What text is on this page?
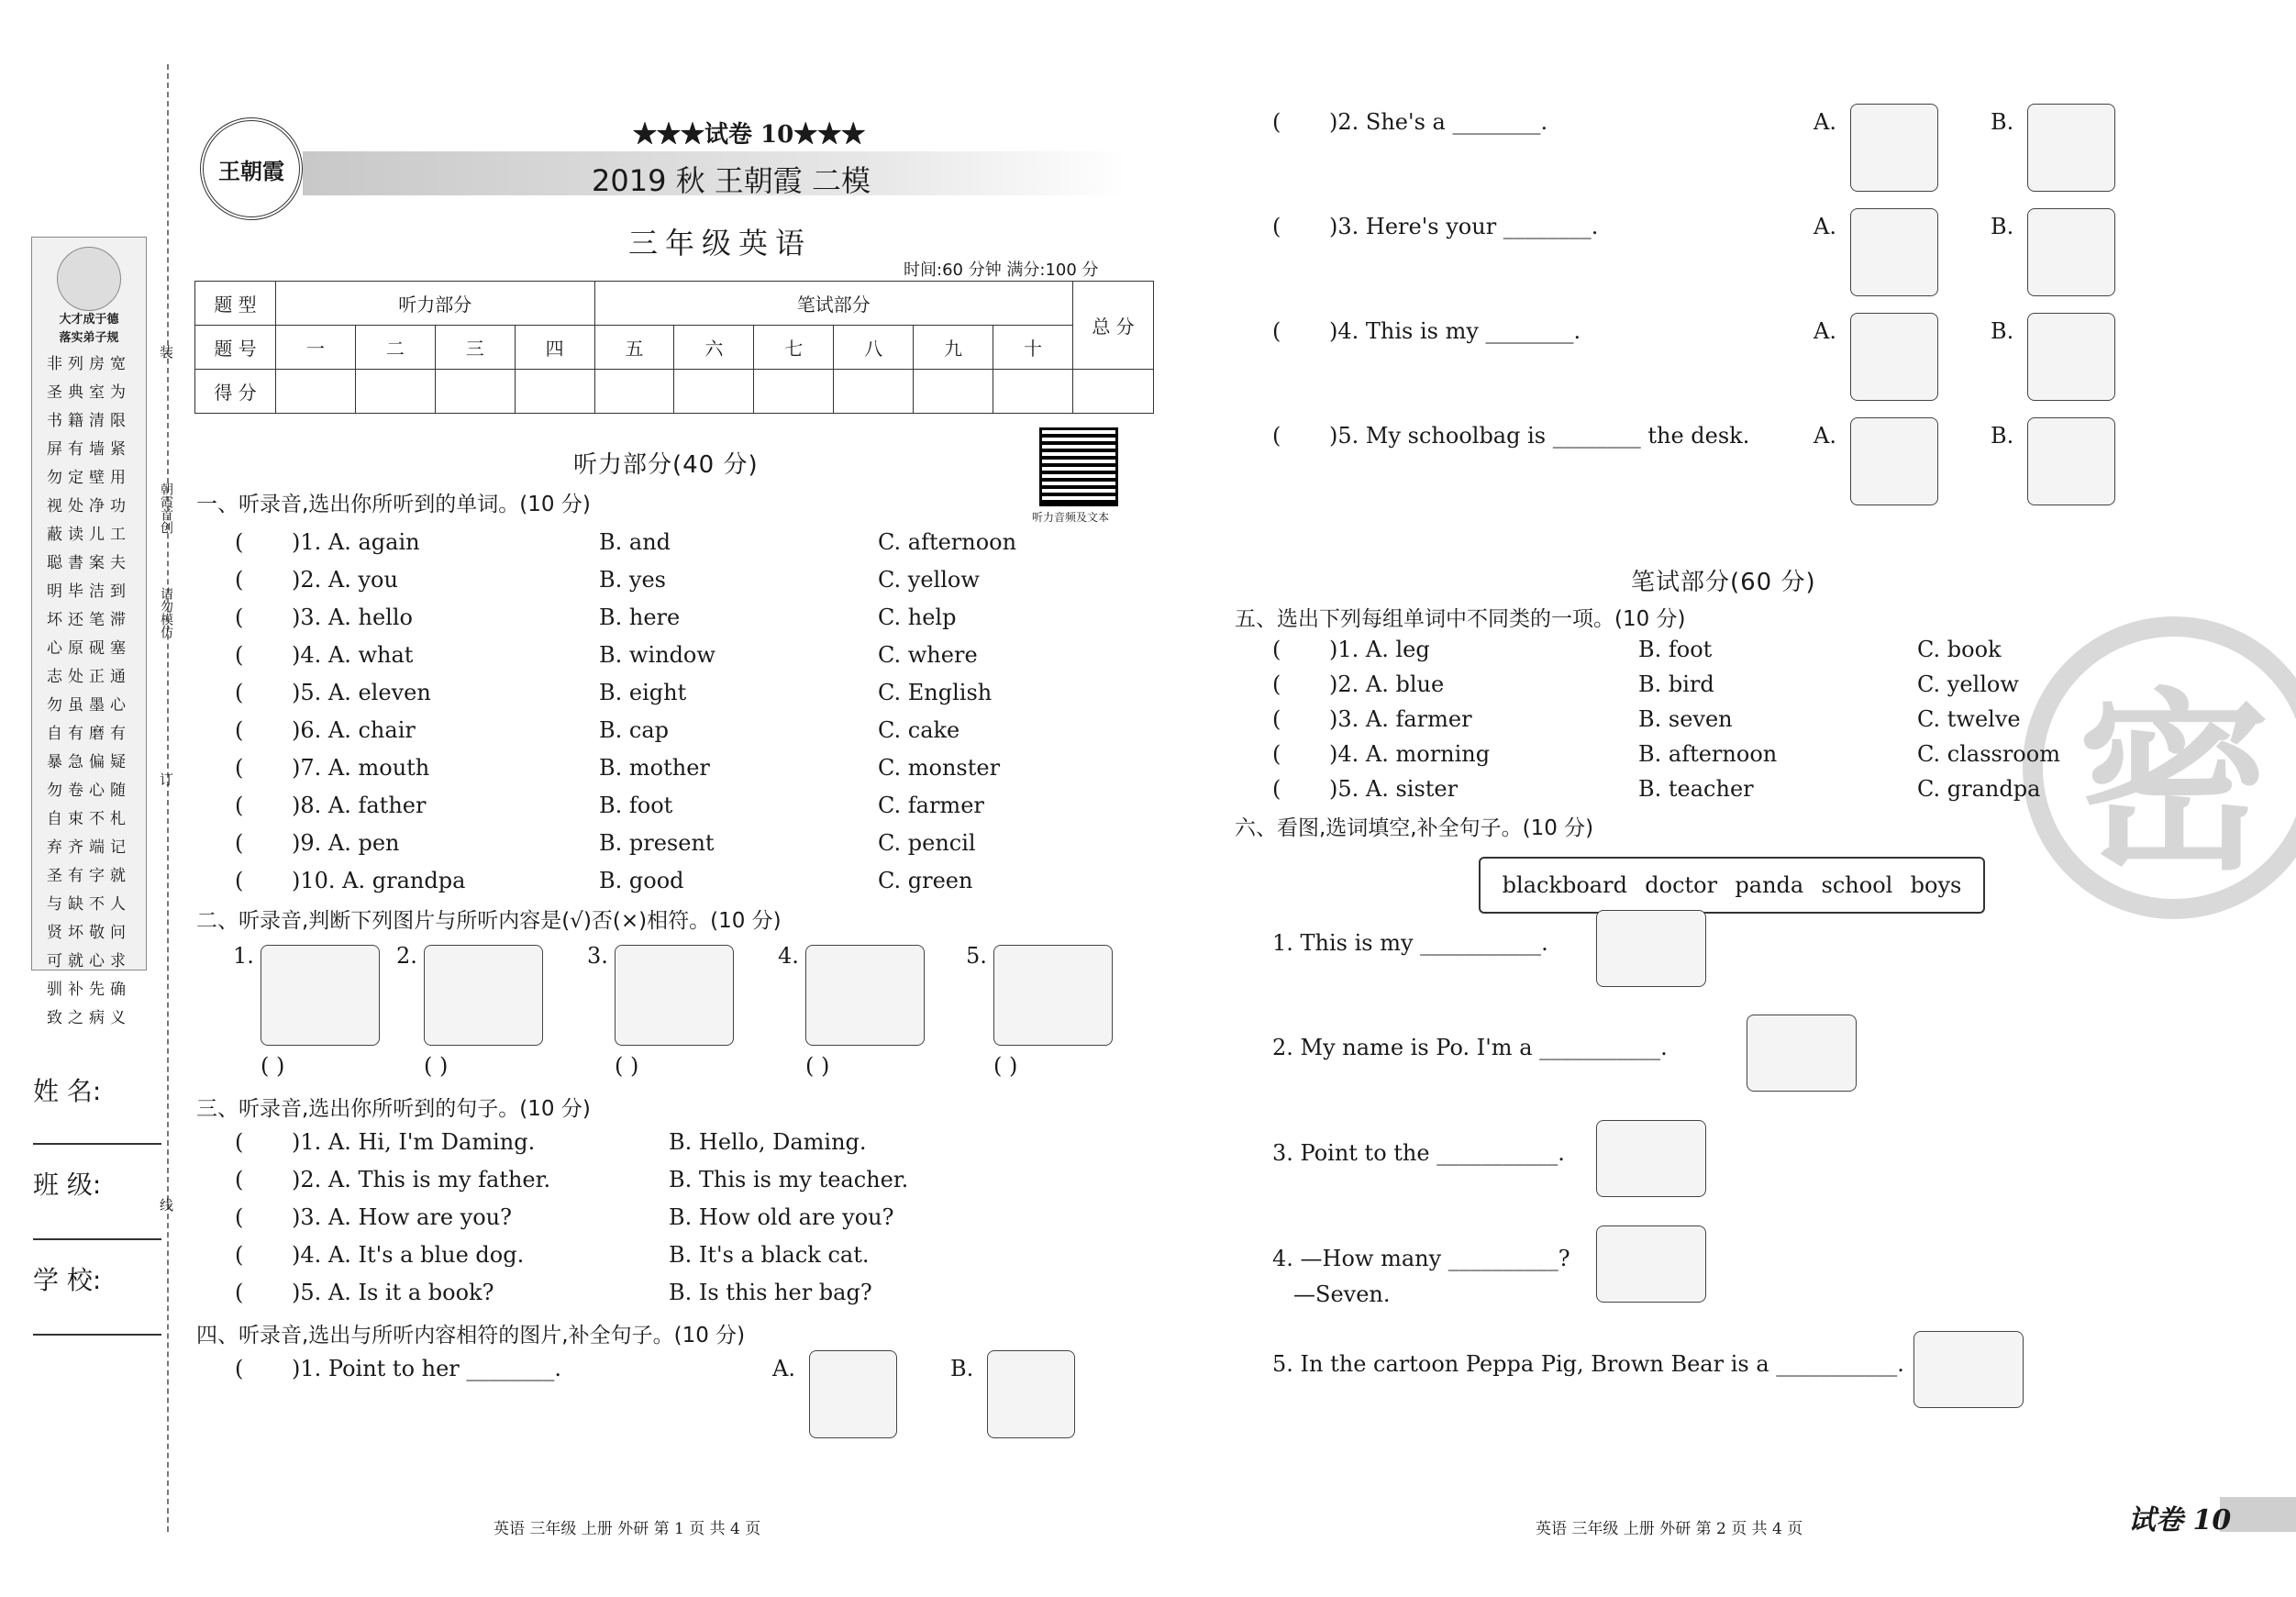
大才成于德
落实弟子规
非列房宽
圣典室为
书籍清限
屏有墙紧
勿定壁用
视处净功
蔽读儿工
聪書案夫
明毕洁到
坏还笔滞
心原砚塞
志处正通
勿虽墨心
自有磨有
暴急偏疑
勿卷心随
自束不札
弃齐端记
圣有字就
与缺不人
贤坏敬问
可就心求
驯补先确
致之病义
装
朝霞首创
请勿模仿
订
线
姓 名:
班 级:
学 校:
王朝霞
★★★试卷 10★★★
2019 秋 王朝霞 二模
三年级英语
时间:60 分钟 满分:100 分
题 型	听力部分				笔试部分						总 分
题 号	一	二	三	四	五	六	七	八	九	十	
得 分											
听力音频及文本
听力部分(40 分)
一、听录音,选出你所听到的单词。(10 分)
( )1. A. again	B. and	C. afternoon
( )2. A. you	B. yes	C. yellow
( )3. A. hello	B. here	C. help
( )4. A. what	B. window	C. where
( )5. A. eleven	B. eight	C. English
( )6. A. chair	B. cap	C. cake
( )7. A. mouth	B. mother	C. monster
( )8. A. father	B. foot	C. farmer
( )9. A. pen	B. present	C. pencil
( )10. A. grandpa	B. good	C. green
二、听录音,判断下列图片与所听内容是(√)否(×)相符。(10 分)
1.
( )
2.
( )
3.
( )
4.
( )
5.
( )
三、听录音,选出你所听到的句子。(10 分)
( )1. A. Hi, I'm Daming.	B. Hello, Daming.
( )2. A. This is my father.	B. This is my teacher.
( )3. A. How are you?	B. How old are you?
( )4. A. It's a blue dog.	B. It's a black cat.
( )5. A. Is it a book?	B. Is this her bag?
四、听录音,选出与所听内容相符的图片,补全句子。(10 分)
( )1. Point to her ________.	A.	B.
( )2. She's a ________.	A.	B.
( )3. Here's your ________.	A.	B.
( )4. This is my ________.	A.	B.
( )5. My schoolbag is ________ the desk.	A.	B.
密
笔试部分(60 分)
五、选出下列每组单词中不同类的一项。(10 分)
( )1. A. leg	B. foot	C. book
( )2. A. blue	B. bird	C. yellow
( )3. A. farmer	B. seven	C. twelve
( )4. A. morning	B. afternoon	C. classroom
( )5. A. sister	B. teacher	C. grandpa
六、看图,选词填空,补全句子。(10 分)
blackboard doctor panda school boys
1. This is my ___________.
2. My name is Po. I'm a ___________.
3. Point to the ___________.
4. —How many __________?
5. In the cartoon Peppa Pig, Brown Bear is a ___________.
—Seven.
英语 三年级 上册 外研 第 1 页 共 4 页	英语 三年级 上册 外研 第 2 页 共 4 页	试卷 10
